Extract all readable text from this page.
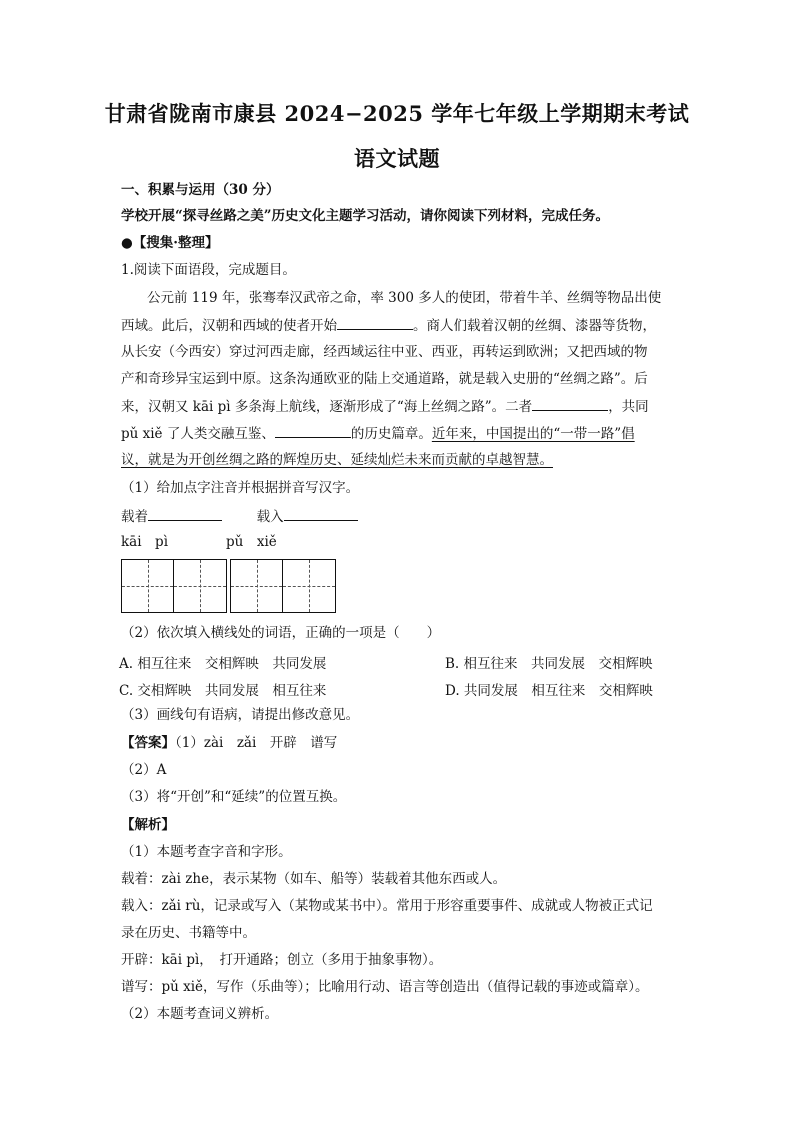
甘肃省陇南市康县 2024−2025 学年七年级上学期期末考试
语文试题
一、积累与运用（30 分）
学校开展“探寻丝路之美”历史文化主题学习活动，请你阅读下列材料，完成任务。
●【搜集·整理】
1.阅读下面语段，完成题目。
公元前 119 年，张骞奉汉武帝之命，率 300 多人的使团，带着牛羊、丝绸等物品出使
西域。此后，汉朝和西域的使者开始	。商人们载着汉朝的丝绸、漆器等货物，
从长安（今西安）穿过河西走廊，经西域运往中亚、西亚，再转运到欧洲；又把西域的物
产和奇珍异宝运到中原。这条沟通欧亚的陆上交通道路，就是载入史册的“丝绸之路”。后
来，汉朝又 kāi pì 多条海上航线，逐渐形成了“海上丝绸之路”。二者	，共同
pǔ xiě 了人类交融互鉴、	的历史篇章。近年来，中国提出的“一带一路”倡
议，就是为开创丝绸之路的辉煌历史、延续灿烂未来而贡献的卓越智慧。
（1）给加点字注音并根据拼音写汉字。
载着	载入
kāi　pì	pǔ　xiě
（2）依次填入横线处的词语，正确的一项是（　　）
A. 相互往来　交相辉映　共同发展	B. 相互往来　共同发展　交相辉映
C. 交相辉映　共同发展　相互往来	D. 共同发展　相互往来　交相辉映
（3）画线句有语病，请提出修改意见。
【答案】（1）zài　zǎi　开辟　谱写
（2）A
（3）将“开创”和“延续”的位置互换。
【解析】
（1）本题考查字音和字形。
载着：zài zhe，表示某物（如车、船等）装载着其他东西或人。
载入：zǎi rù，记录或写入（某物或某书中）。常用于形容重要事件、成就或人物被正式记
录在历史、书籍等中。
开辟：kāi pì，　打开通路；创立（多用于抽象事物）。
谱写：pǔ xiě，写作（乐曲等）；比喻用行动、语言等创造出（值得记载的事迹或篇章）。
（2）本题考查词义辨析。
